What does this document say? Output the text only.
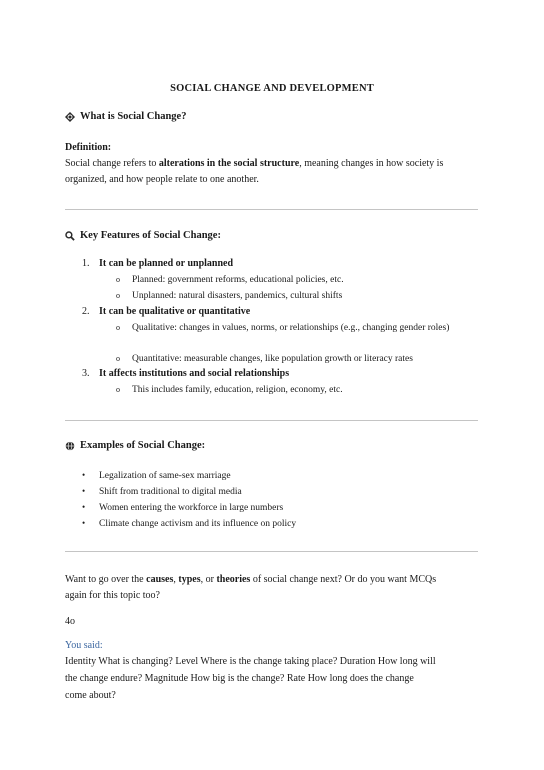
SOCIAL CHANGE AND DEVELOPMENT
What is Social Change?
Definition:
Social change refers to alterations in the social structure, meaning changes in how society is
organized, and how people relate to one another.
Key Features of Social Change:
1. It can be planned or unplanned
o Planned: government reforms, educational policies, etc.
o Unplanned: natural disasters, pandemics, cultural shifts
2. It can be qualitative or quantitative
o Qualitative: changes in values, norms, or relationships (e.g., changing gender roles)
o Quantitative: measurable changes, like population growth or literacy rates
3. It affects institutions and social relationships
o This includes family, education, religion, economy, etc.
Examples of Social Change:
• Legalization of same-sex marriage
• Shift from traditional to digital media
• Women entering the workforce in large numbers
• Climate change activism and its influence on policy
Want to go over the causes, types, or theories of social change next? Or do you want MCQs
again for this topic too?
4o
You said:
Identity What is changing? Level Where is the change taking place? Duration How long will
the change endure? Magnitude How big is the change? Rate How long does the change
come about?
